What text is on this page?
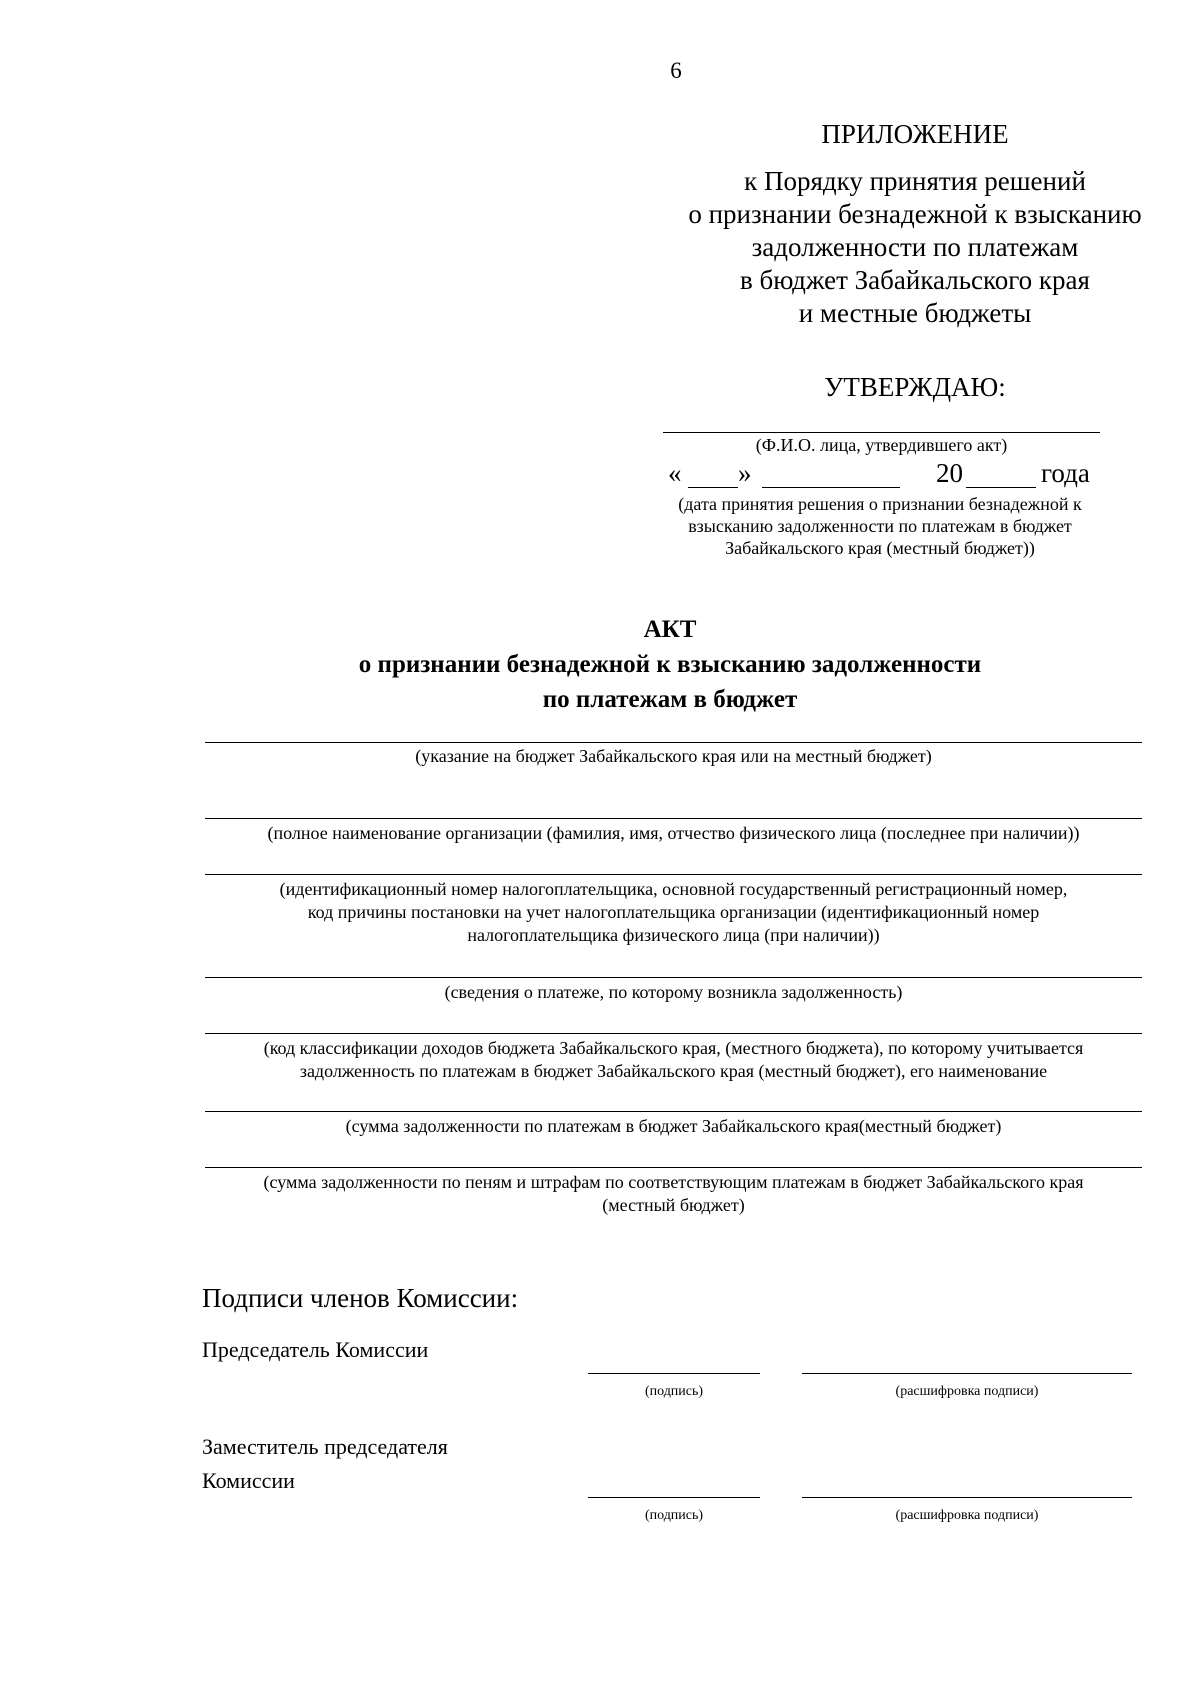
6
ПРИЛОЖЕНИЕ
к Порядку принятия решений
о признании безнадежной к взысканию
задолженности по платежам
в бюджет Забайкальского края
и местные бюджеты
УТВЕРЖДАЮ:
(Ф.И.О. лица, утвердившего акт)
« »	20	года
(дата принятия решения о признании безнадежной к
взысканию задолженности по платежам в бюджет
Забайкальского края (местный бюджет))
АКТ
о признании безнадежной к взысканию задолженности
по платежам в бюджет
(указание на бюджет Забайкальского края или на местный бюджет)
(полное наименование организации (фамилия, имя, отчество физического лица (последнее при наличии))
(идентификационный номер налогоплательщика, основной государственный регистрационный номер,
код причины постановки на учет налогоплательщика организации (идентификационный номер
налогоплательщика физического лица (при наличии))
(сведения о платеже, по которому возникла задолженность)
(код классификации доходов бюджета Забайкальского края, (местного бюджета), по которому учитывается
задолженность по платежам в бюджет Забайкальского края (местный бюджет), его наименование
(сумма задолженности по платежам в бюджет Забайкальского края(местный бюджет)
(сумма задолженности по пеням и штрафам по соответствующим платежам в бюджет Забайкальского края
(местный бюджет)
Подписи членов Комиссии:
Председатель Комиссии
(подпись)	(расшифровка подписи)
Заместитель председателя
Комиссии
(подпись)	(расшифровка подписи)
